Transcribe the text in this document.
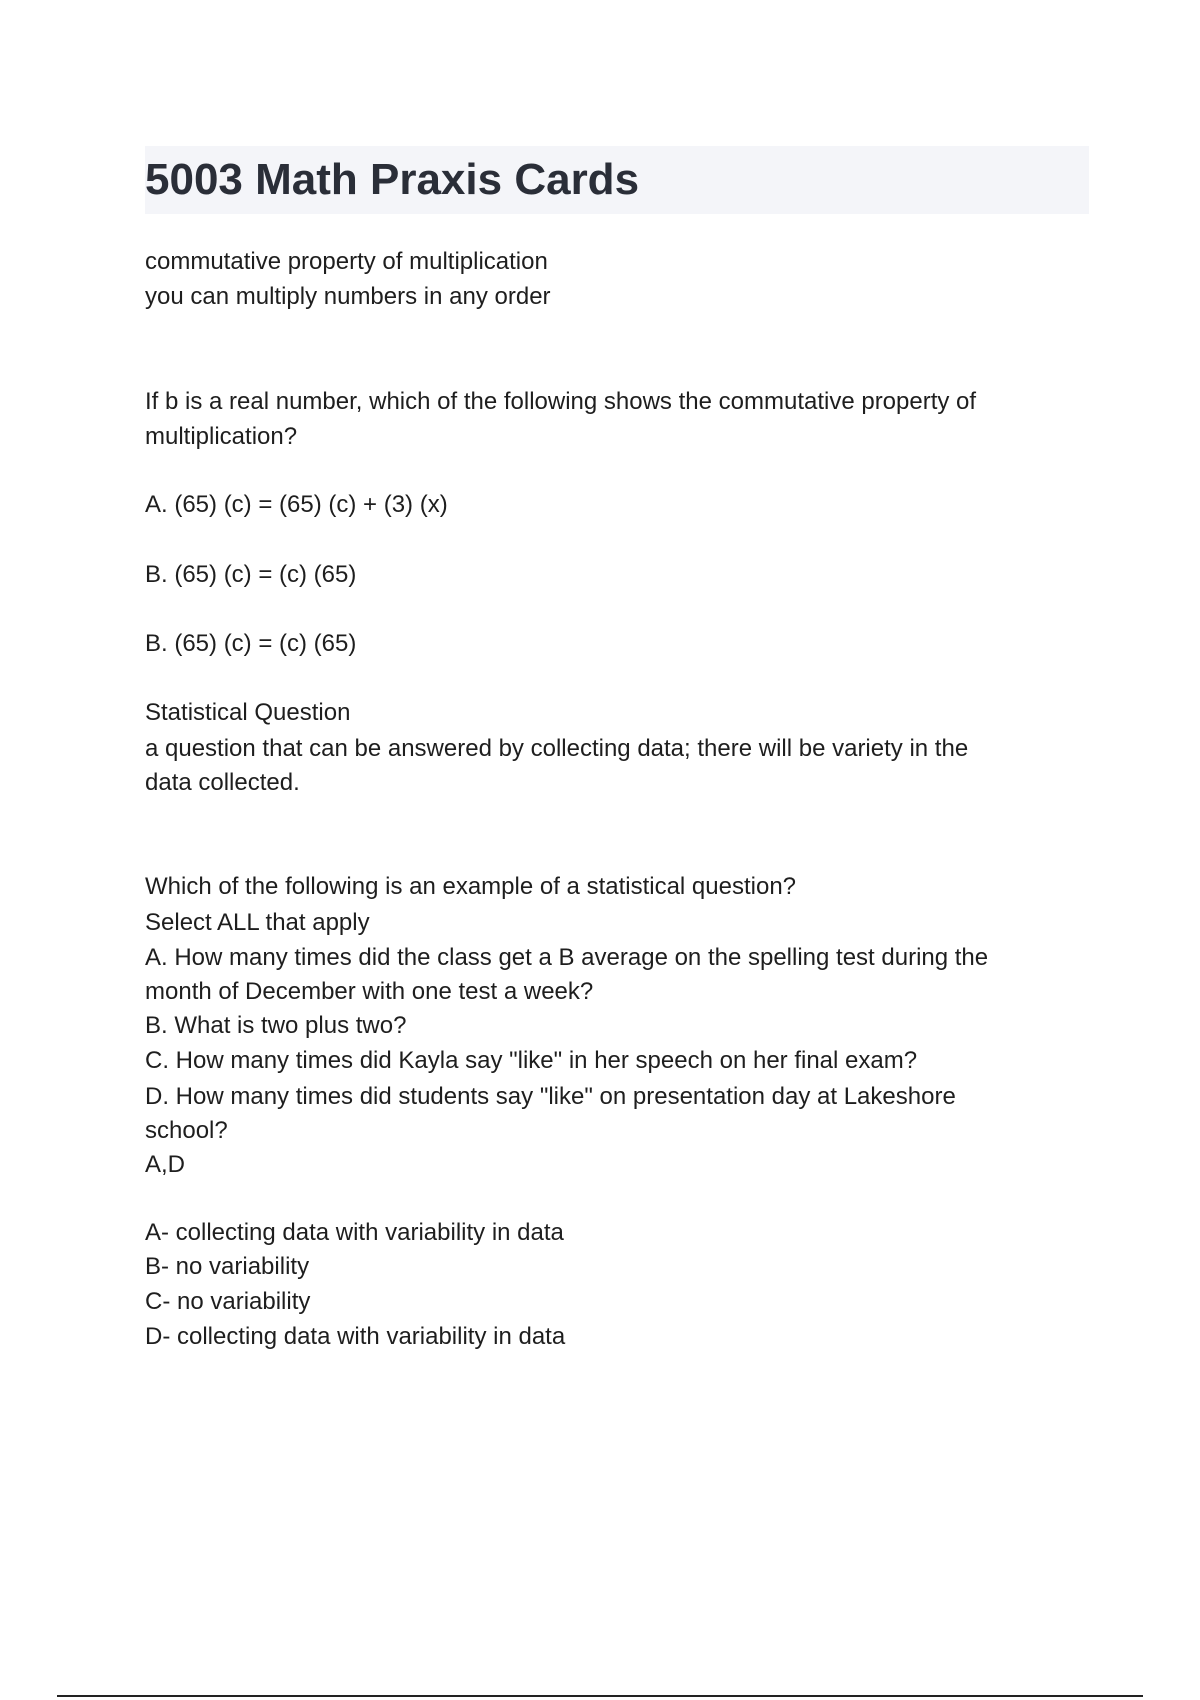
5003 Math Praxis Cards

commutative property of multiplication

you can multiply numbers in any order

If b is a real number, which of the following shows the commutative property of

multiplication?

A. (65) (c) = (65) (c) + (3) (x)

B. (65) (c) = (c) (65)

B. (65) (c) = (c) (65)

Statistical Question

a question that can be answered by collecting data; there will be variety in the

data collected.

Which of the following is an example of a statistical question?

Select ALL that apply

A. How many times did the class get a B average on the spelling test during the

month of December with one test a week?

B. What is two plus two?

C. How many times did Kayla say "like" in her speech on her final exam?

D. How many times did students say "like" on presentation day at Lakeshore

school?

A,D

A- collecting data with variability in data

B- no variability

C- no variability

D- collecting data with variability in data
